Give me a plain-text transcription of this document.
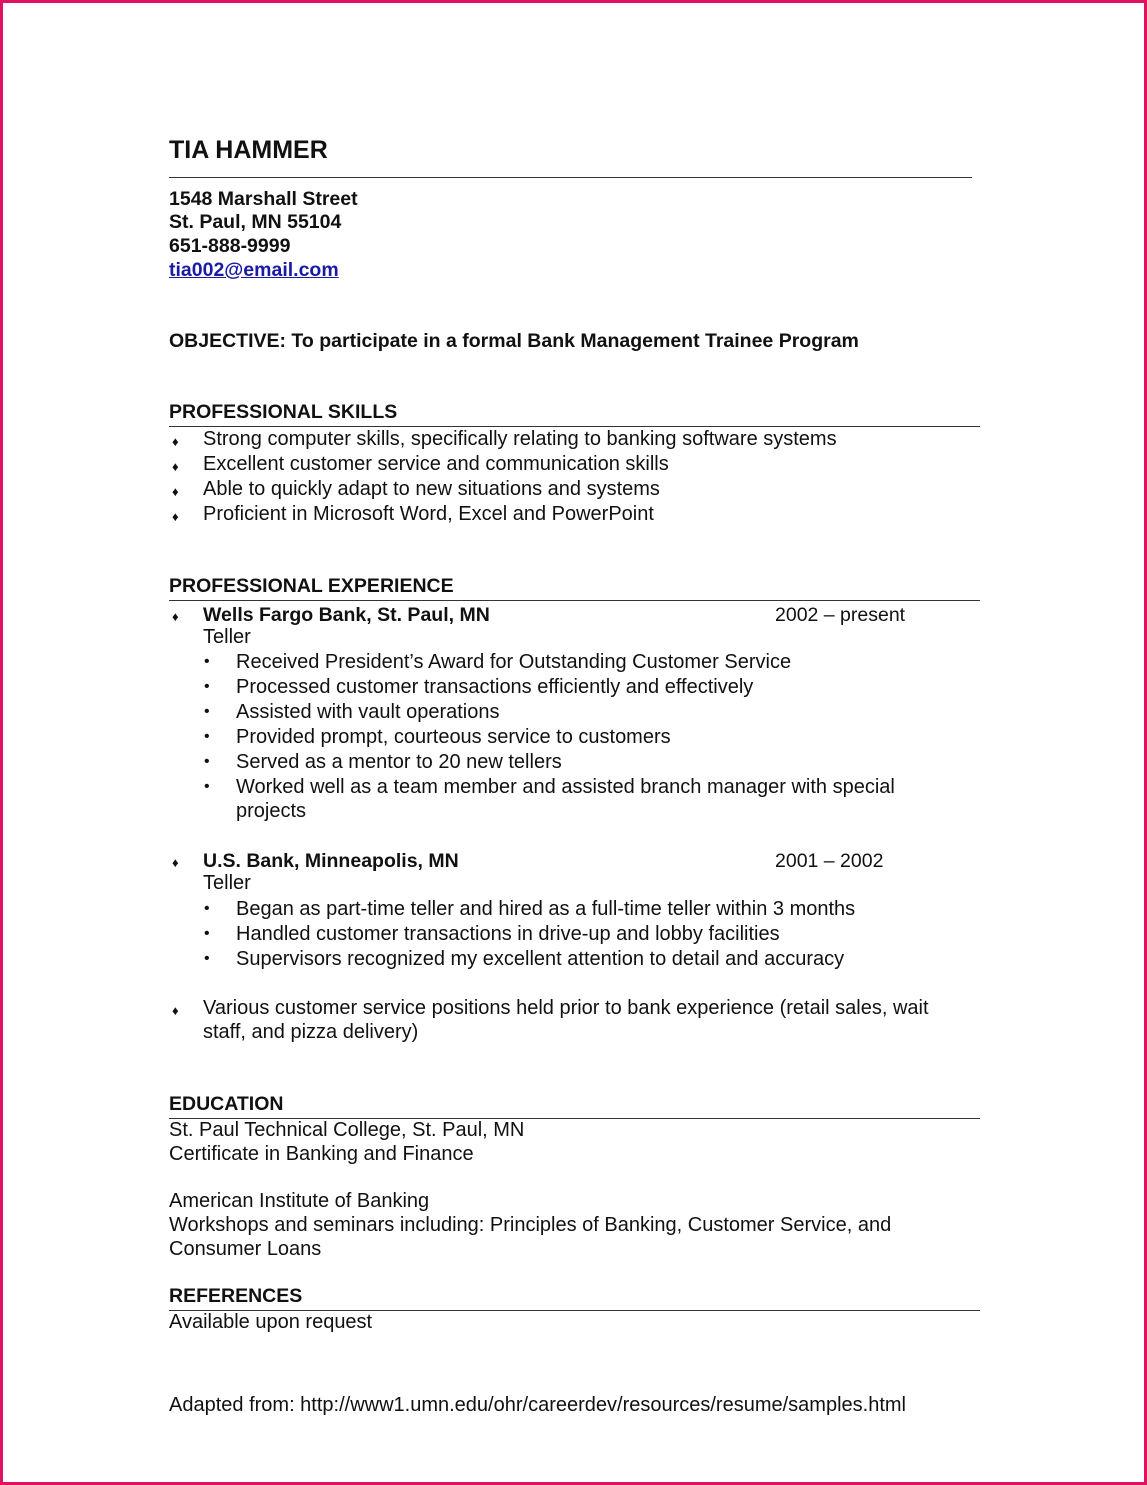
TIA HAMMER
1548 Marshall Street
St. Paul, MN 55104
651-888-9999
tia002@email.com
OBJECTIVE: To participate in a formal Bank Management Trainee Program
PROFESSIONAL SKILLS
♦ Strong computer skills, specifically relating to banking software systems
♦ Excellent customer service and communication skills
♦ Able to quickly adapt to new situations and systems
♦ Proficient in Microsoft Word, Excel and PowerPoint
PROFESSIONAL EXPERIENCE
♦ Wells Fargo Bank, St. Paul, MN	2002 – present
Teller
• Received President’s Award for Outstanding Customer Service
• Processed customer transactions efficiently and effectively
• Assisted with vault operations
• Provided prompt, courteous service to customers
• Served as a mentor to 20 new tellers
• Worked well as a team member and assisted branch manager with special
projects
♦ U.S. Bank, Minneapolis, MN	2001 – 2002
Teller
• Began as part-time teller and hired as a full-time teller within 3 months
• Handled customer transactions in drive-up and lobby facilities
• Supervisors recognized my excellent attention to detail and accuracy
♦ Various customer service positions held prior to bank experience (retail sales, wait
staff, and pizza delivery)
EDUCATION
St. Paul Technical College, St. Paul, MN
Certificate in Banking and Finance
American Institute of Banking
Workshops and seminars including: Principles of Banking, Customer Service, and
Consumer Loans
REFERENCES
Available upon request
Adapted from: http://www1.umn.edu/ohr/careerdev/resources/resume/samples.html
